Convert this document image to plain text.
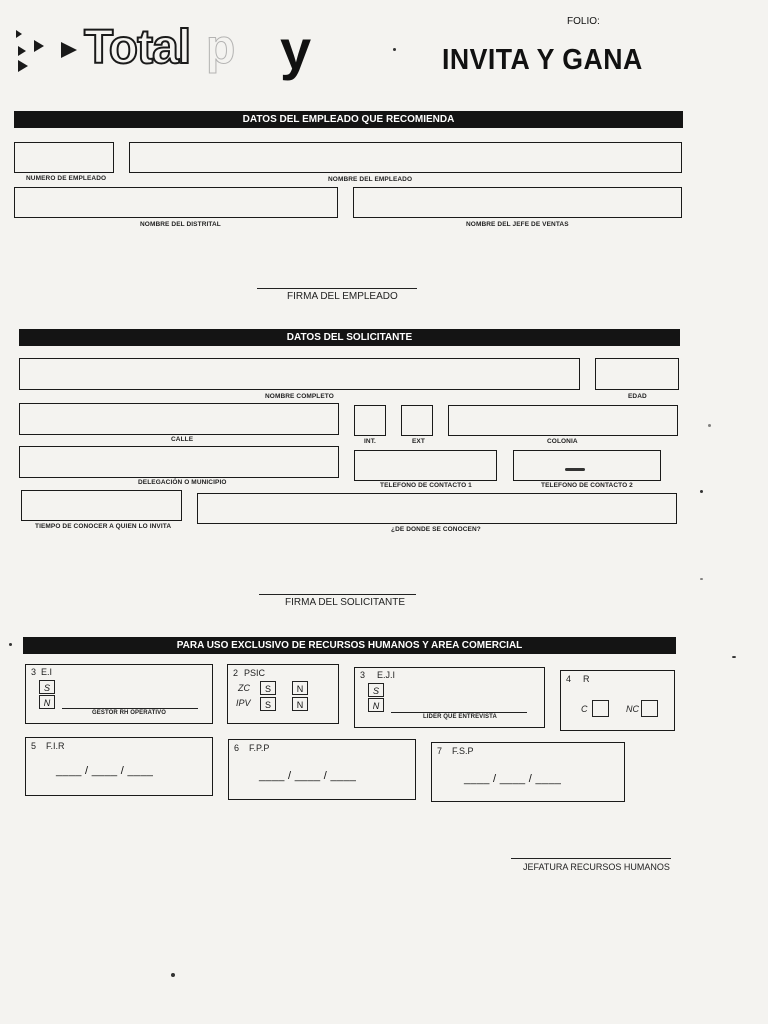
FOLIO:
Total p y	INVITA Y GANA
DATOS DEL EMPLEADO QUE RECOMIENDA
NUMERO DE EMPLEADO	NOMBRE DEL EMPLEADO
NOMBRE DEL DISTRITAL	NOMBRE DEL JEFE DE VENTAS
FIRMA DEL EMPLEADO
DATOS DEL SOLICITANTE
NOMBRE COMPLETO	EDAD
CALLE	INT.	EXT	COLONIA
DELEGACIÓN O MUNICIPIO	TELEFONO DE CONTACTO 1	TELEFONO DE CONTACTO 2
TIEMPO DE CONOCER A QUIEN LO INVITA	¿DE DONDE SE CONOCEN?
FIRMA DEL SOLICITANTE
PARA USO EXCLUSIVO DE RECURSOS HUMANOS Y AREA COMERCIAL
3 E.I
S
N
GESTOR RH OPERATIVO
2 PSIC
ZC	S	N
IPV	S	N
3 E.J.I
S
N
LIDER QUE ENTREVISTA
4 R
C	NC
5 F.I.R
____ / ____ / ____
6 F.P.P
____ / ____ / ____
7 F.S.P
____ / ____ / ____
JEFATURA RECURSOS HUMANOS
